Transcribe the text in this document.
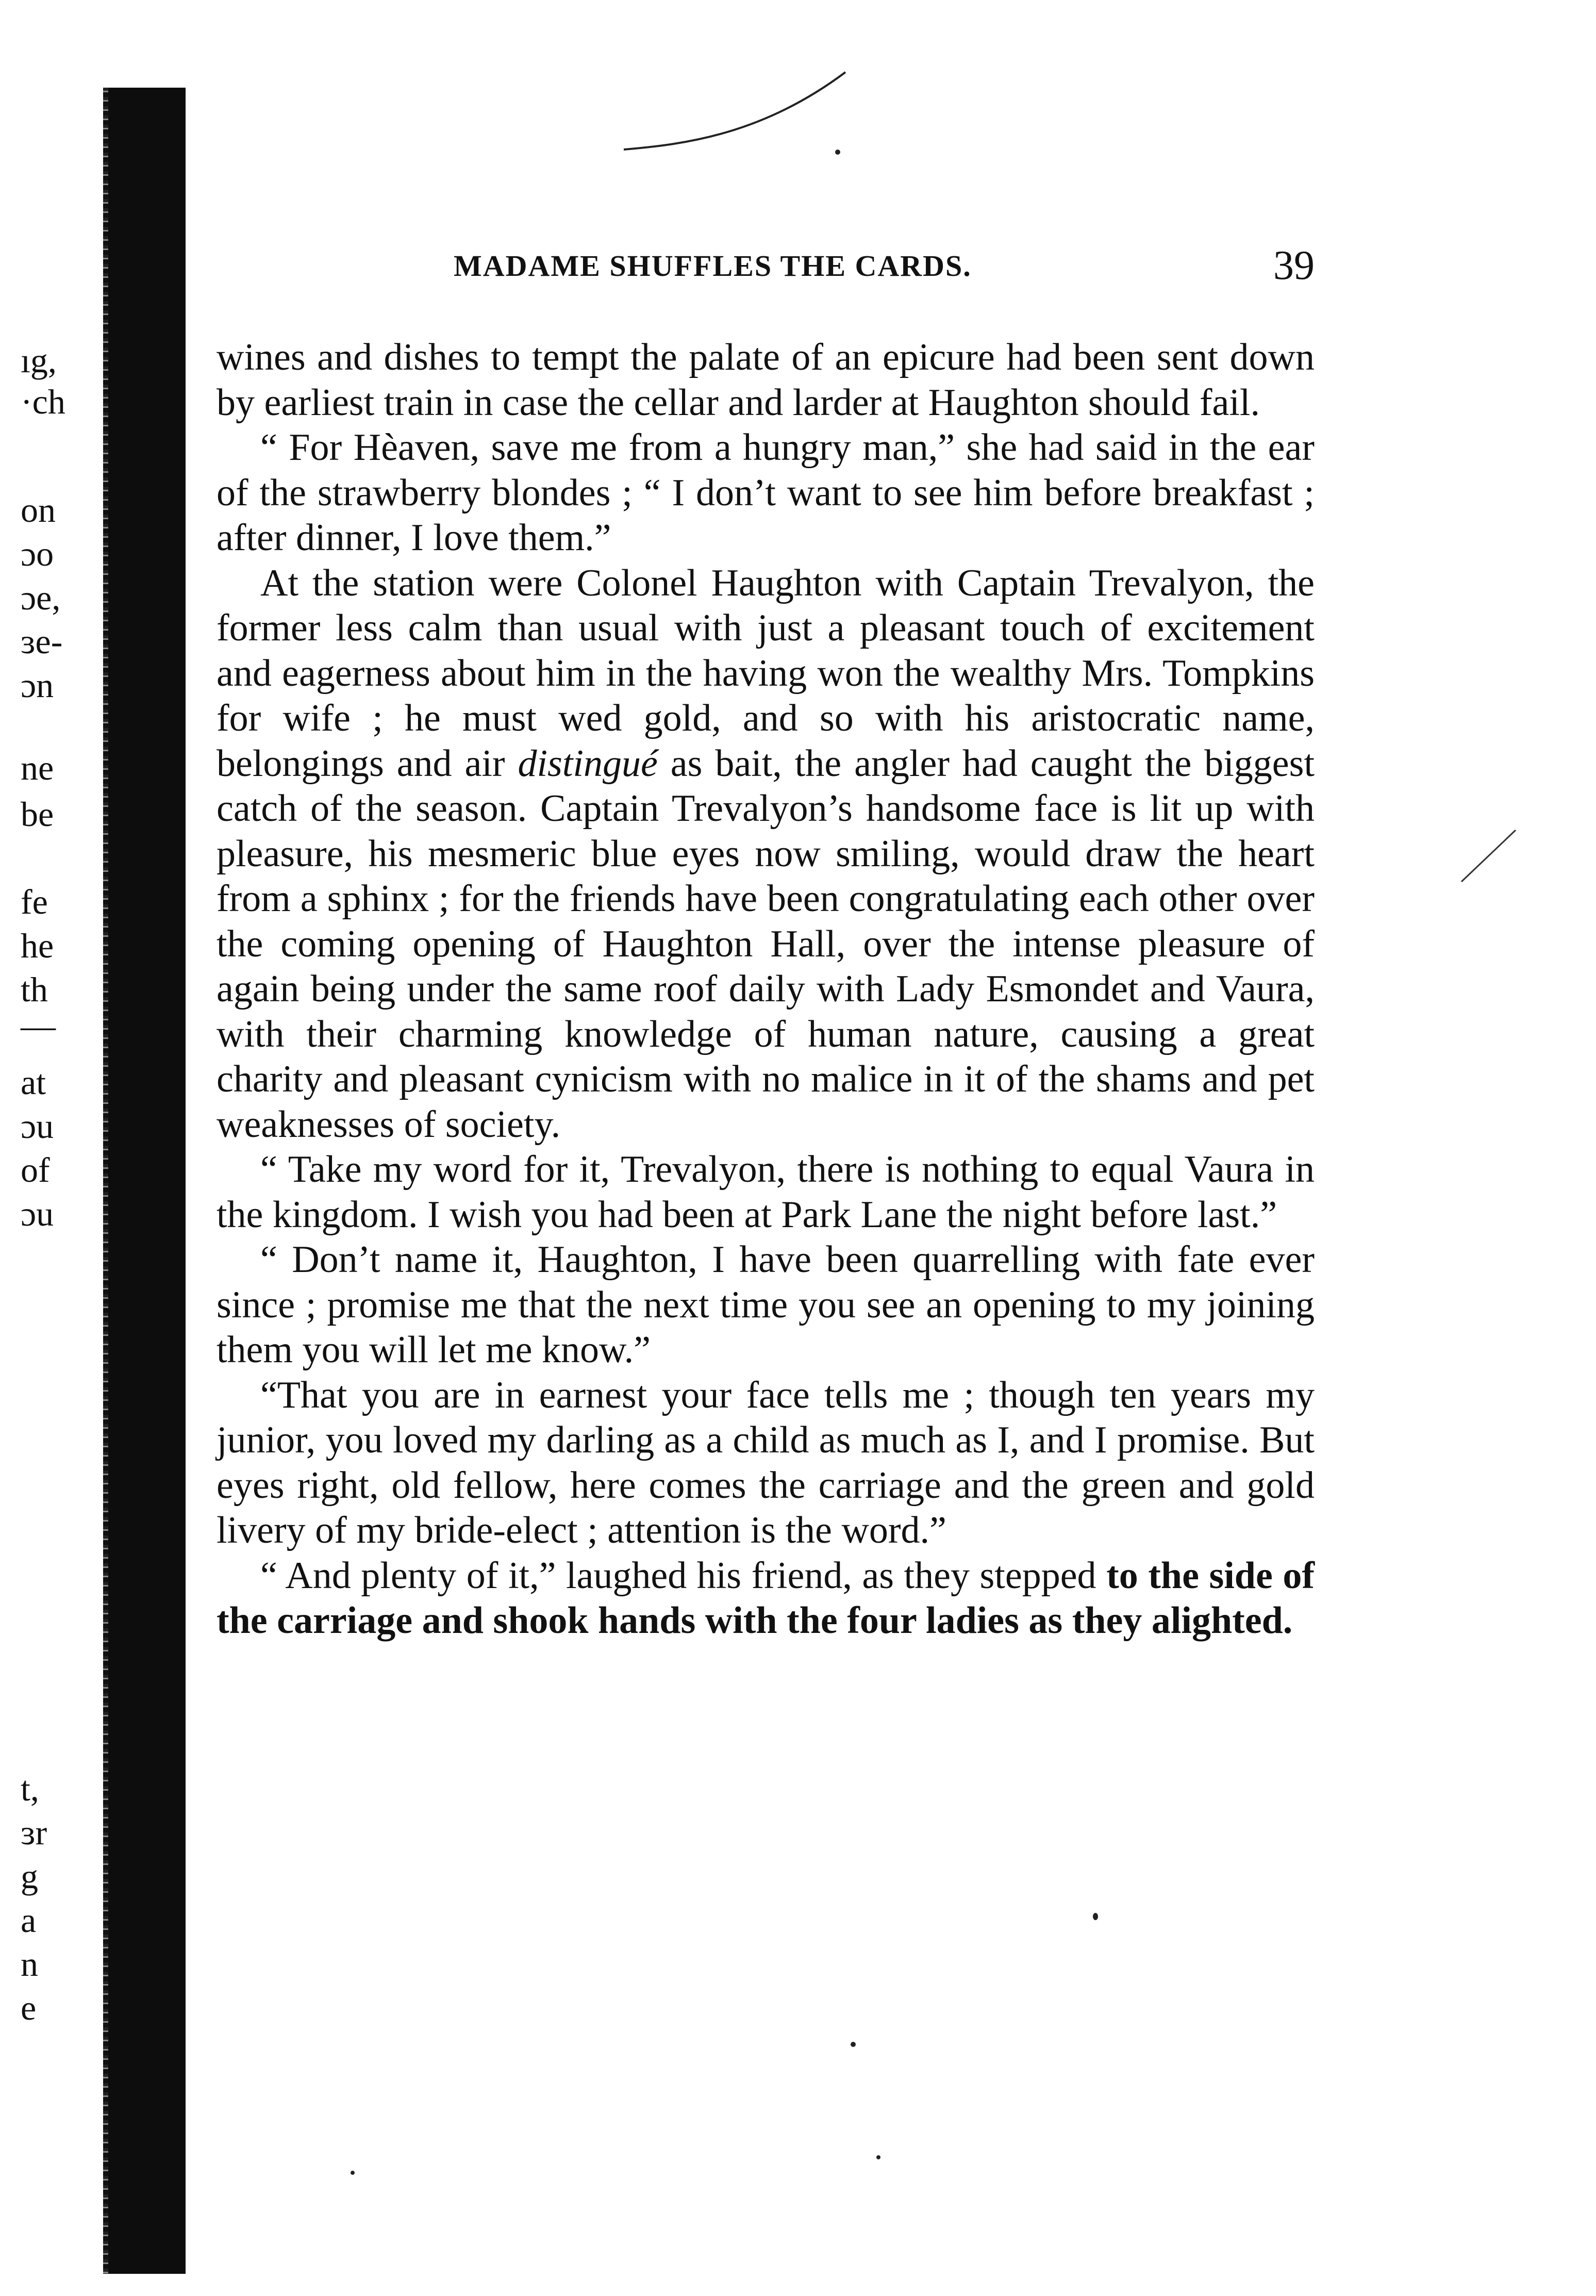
ıg,
·ch
on
ɔo
ɔe,
ɜe-
ɔn
ne
be
fe
he
th
—
at
ɔu
of
ɔu
t,
ɜr
g
a
n
e
MADAME SHUFFLES THE CARDS.	39

wines and dishes to tempt the palate of an epicure had been sent down by earliest train in case the cellar and larder at Haughton should fail.

“ For Hèaven, save me from a hungry man,” she had said in the ear of the strawberry blondes ; “ I don’t want to see him before breakfast ; after dinner, I love them.”

At the station were Colonel Haughton with Captain Trevalyon, the former less calm than usual with just a pleasant touch of excitement and eagerness about him in the having won the wealthy Mrs. Tompkins for wife ; he must wed gold, and so with his aristocratic name, belongings and air distingué as bait, the angler had caught the biggest catch of the season. Captain Trevalyon’s handsome face is lit up with pleasure, his mesmeric blue eyes now smiling, would draw the heart from a sphinx ; for the friends have been congratulating each other over the coming opening of Haughton Hall, over the intense pleasure of again being under the same roof daily with Lady Esmondet and Vaura, with their charming knowledge of human nature, causing a great charity and pleasant cynicism with no malice in it of the shams and pet weaknesses of society.

“ Take my word for it, Trevalyon, there is nothing to equal Vaura in the kingdom. I wish you had been at Park Lane the night before last.”

“ Don’t name it, Haughton, I have been quarrelling with fate ever since ; promise me that the next time you see an opening to my joining them you will let me know.”

“That you are in earnest your face tells me ; though ten years my junior, you loved my darling as a child as much as I, and I promise. But eyes right, old fellow, here comes the carriage and the green and gold livery of my bride-elect ; attention is the word.”

“ And plenty of it,” laughed his friend, as they stepped to the side of the carriage and shook hands with the four ladies as they alighted.
